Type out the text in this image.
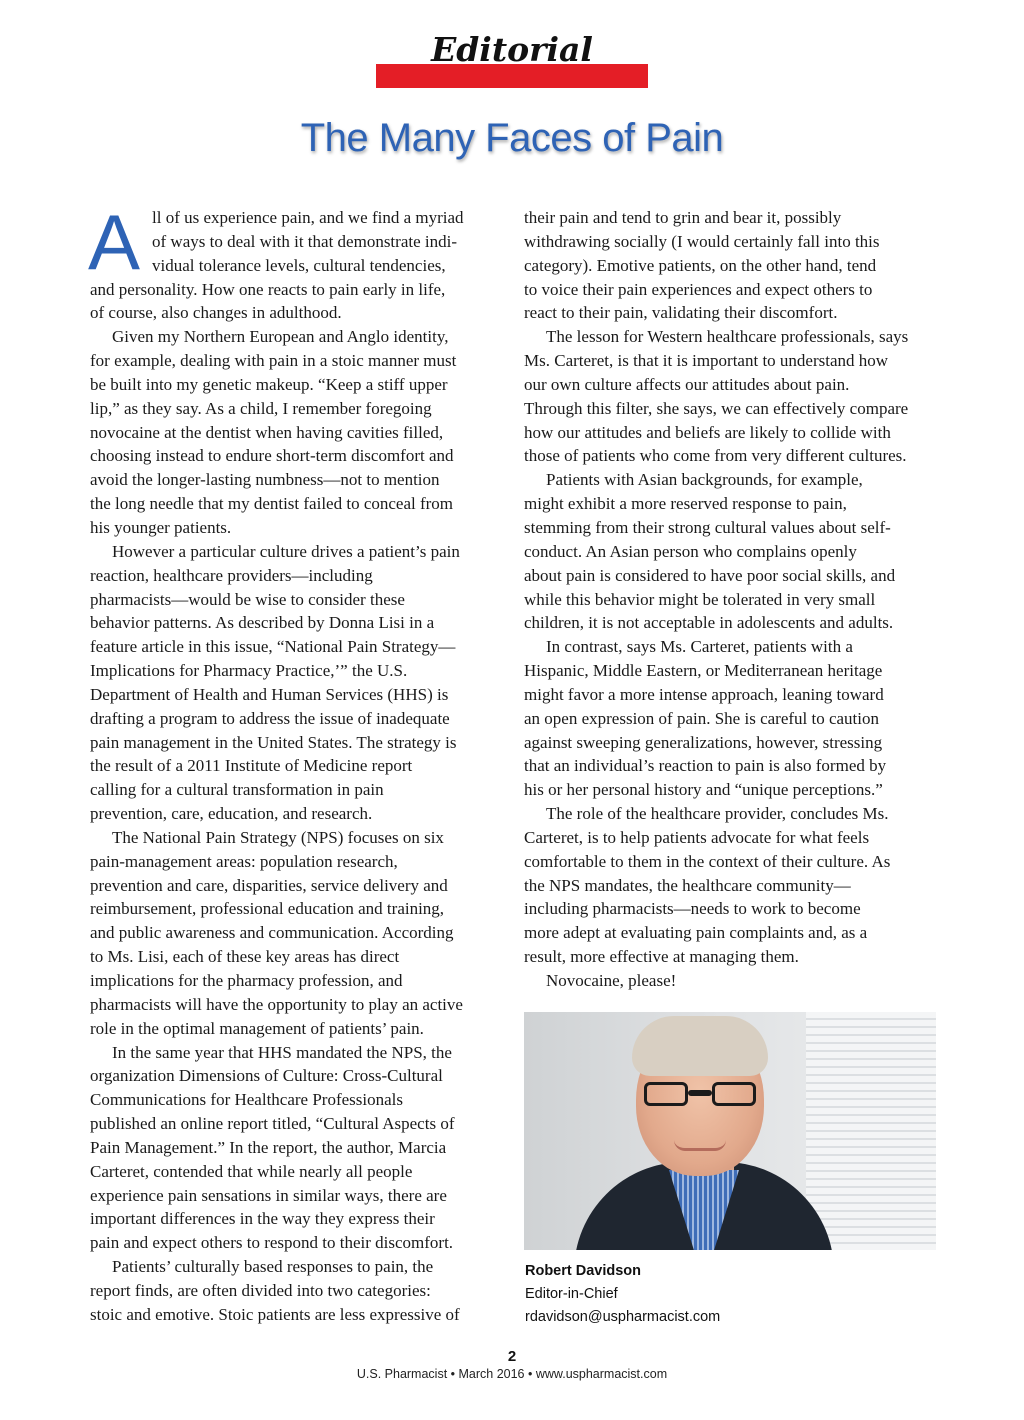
Editorial
The Many Faces of Pain
A ll of us experience pain, and we find a myriad
of ways to deal with it that demonstrate indi-
vidual tolerance levels, cultural tendencies,
and personality. How one reacts to pain early in life,
of course, also changes in adulthood.
Given my Northern European and Anglo identity,
for example, dealing with pain in a stoic manner must
be built into my genetic makeup. “Keep a stiff upper
lip,” as they say. As a child, I remember foregoing
novocaine at the dentist when having cavities filled,
choosing instead to endure short-term discomfort and
avoid the longer-lasting numbness—not to mention
the long needle that my dentist failed to conceal from
his younger patients.
However a particular culture drives a patient’s pain
reaction, healthcare providers—including
pharmacists—would be wise to consider these
behavior patterns. As described by Donna Lisi in a
feature article in this issue, “National Pain Strategy—
Implications for Pharmacy Practice,’” the U.S.
Department of Health and Human Services (HHS) is
drafting a program to address the issue of inadequate
pain management in the United States. The strategy is
the result of a 2011 Institute of Medicine report
calling for a cultural transformation in pain
prevention, care, education, and research.
The National Pain Strategy (NPS) focuses on six
pain-management areas: population research,
prevention and care, disparities, service delivery and
reimbursement, professional education and training,
and public awareness and communication. According
to Ms. Lisi, each of these key areas has direct
implications for the pharmacy profession, and
pharmacists will have the opportunity to play an active
role in the optimal management of patients’ pain.
In the same year that HHS mandated the NPS, the
organization Dimensions of Culture: Cross-Cultural
Communications for Healthcare Professionals
published an online report titled, “Cultural Aspects of
Pain Management.” In the report, the author, Marcia
Carteret, contended that while nearly all people
experience pain sensations in similar ways, there are
important differences in the way they express their
pain and expect others to respond to their discomfort.
Patients’ culturally based responses to pain, the
report finds, are often divided into two categories:
stoic and emotive. Stoic patients are less expressive of
their pain and tend to grin and bear it, possibly
withdrawing socially (I would certainly fall into this
category). Emotive patients, on the other hand, tend
to voice their pain experiences and expect others to
react to their pain, validating their discomfort.
The lesson for Western healthcare professionals, says
Ms. Carteret, is that it is important to understand how
our own culture affects our attitudes about pain.
Through this filter, she says, we can effectively compare
how our attitudes and beliefs are likely to collide with
those of patients who come from very different cultures.
Patients with Asian backgrounds, for example,
might exhibit a more reserved response to pain,
stemming from their strong cultural values about self-
conduct. An Asian person who complains openly
about pain is considered to have poor social skills, and
while this behavior might be tolerated in very small
children, it is not acceptable in adolescents and adults.
In contrast, says Ms. Carteret, patients with a
Hispanic, Middle Eastern, or Mediterranean heritage
might favor a more intense approach, leaning toward
an open expression of pain. She is careful to caution
against sweeping generalizations, however, stressing
that an individual’s reaction to pain is also formed by
his or her personal history and “unique perceptions.”
The role of the healthcare provider, concludes Ms.
Carteret, is to help patients advocate for what feels
comfortable to them in the context of their culture. As
the NPS mandates, the healthcare community—
including pharmacists—needs to work to become
more adept at evaluating pain complaints and, as a
result, more effective at managing them.
Novocaine, please!
Robert Davidson
Editor-in-Chief
rdavidson@uspharmacist.com
2
U.S. Pharmacist • March 2016 • www.uspharmacist.com
